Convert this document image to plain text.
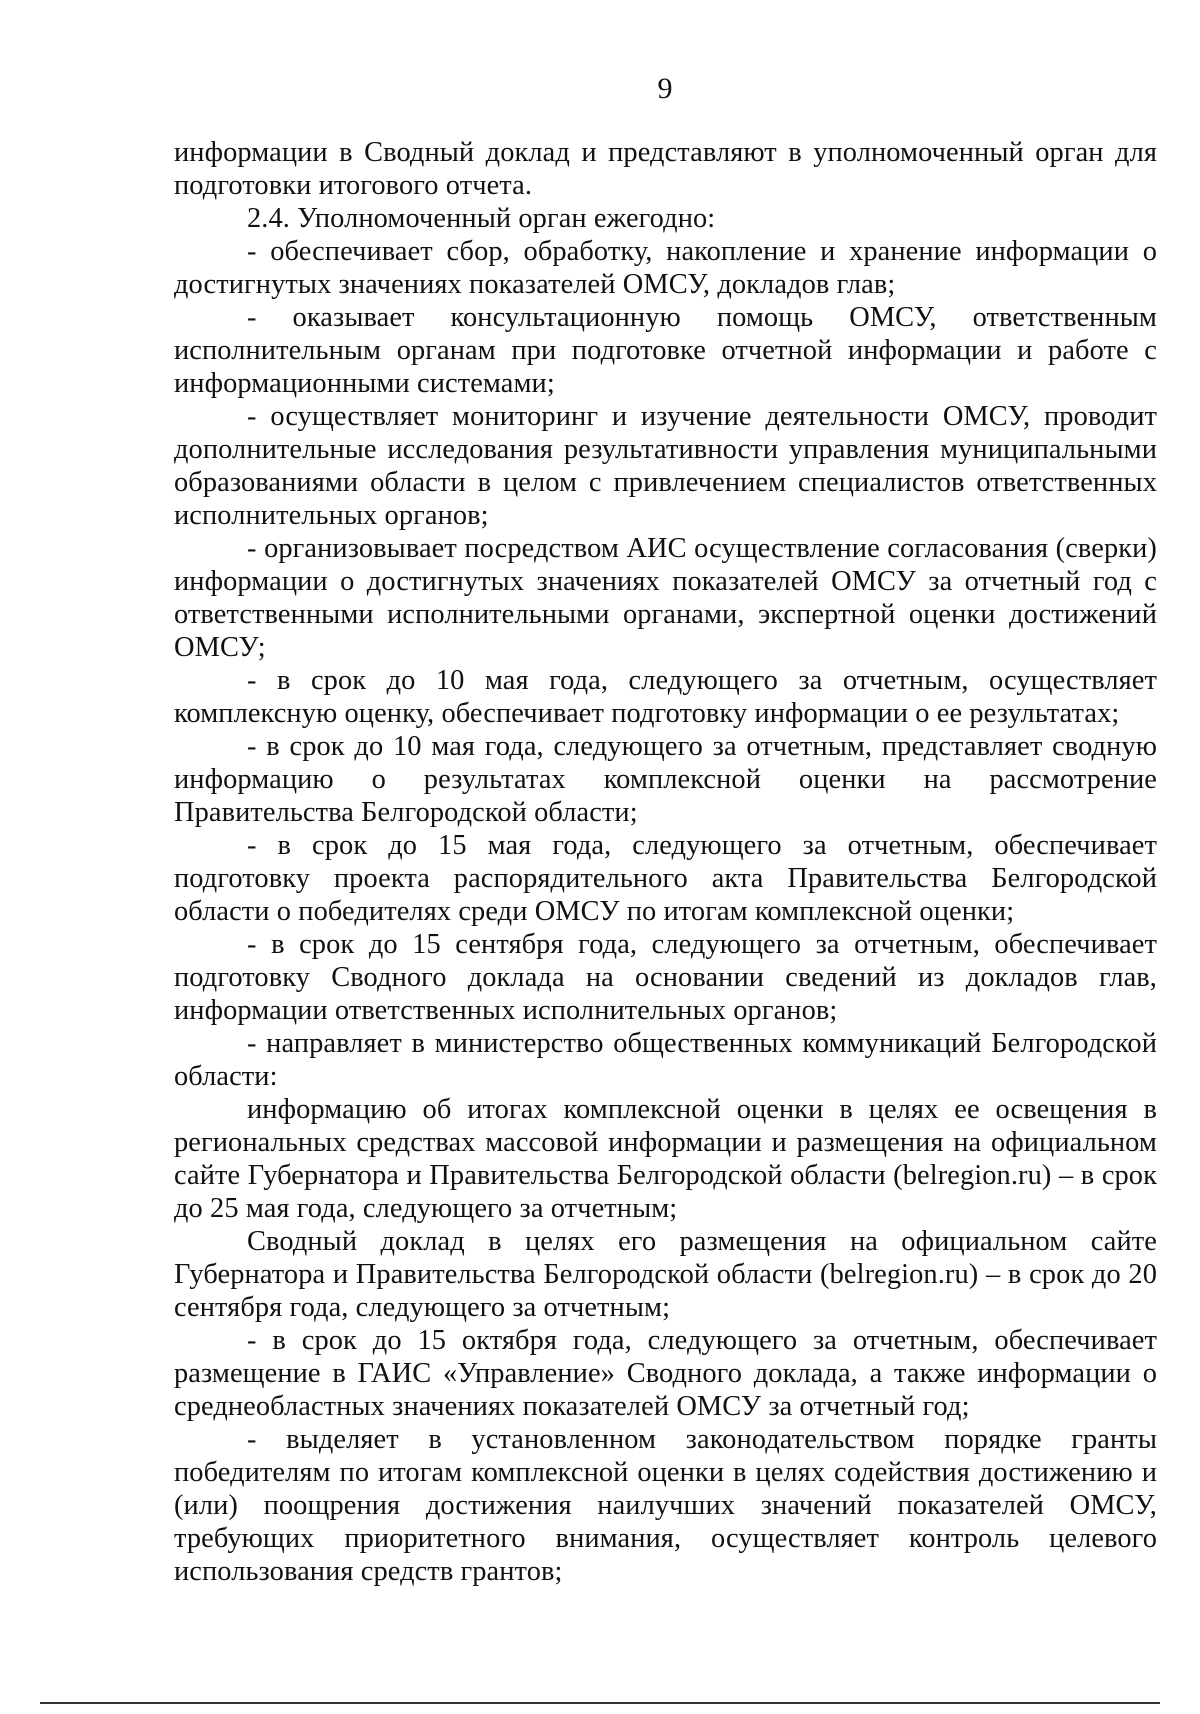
9

информации в Сводный доклад и представляют в уполномоченный орган для подготовки итогового отчета.

2.4. Уполномоченный орган ежегодно:

- обеспечивает сбор, обработку, накопление и хранение информации о достигнутых значениях показателей ОМСУ, докладов глав;

- оказывает консультационную помощь ОМСУ, ответственным исполнительным органам при подготовке отчетной информации и работе с информационными системами;

- осуществляет мониторинг и изучение деятельности ОМСУ, проводит дополнительные исследования результативности управления муниципальными образованиями области в целом с привлечением специалистов ответственных исполнительных органов;

- организовывает посредством АИС осуществление согласования (сверки) информации о достигнутых значениях показателей ОМСУ за отчетный год с ответственными исполнительными органами, экспертной оценки достижений ОМСУ;

- в срок до 10 мая года, следующего за отчетным, осуществляет комплексную оценку, обеспечивает подготовку информации о ее результатах;

- в срок до 10 мая года, следующего за отчетным, представляет сводную информацию о результатах комплексной оценки на рассмотрение Правительства Белгородской области;

- в срок до 15 мая года, следующего за отчетным, обеспечивает подготовку проекта распорядительного акта Правительства Белгородской области о победителях среди ОМСУ по итогам комплексной оценки;

- в срок до 15 сентября года, следующего за отчетным, обеспечивает подготовку Сводного доклада на основании сведений из докладов глав, информации ответственных исполнительных органов;

- направляет в министерство общественных коммуникаций Белгородской области:

информацию об итогах комплексной оценки в целях ее освещения в региональных средствах массовой информации и размещения на официальном сайте Губернатора и Правительства Белгородской области (belregion.ru) – в срок до 25 мая года, следующего за отчетным;

Сводный доклад в целях его размещения на официальном сайте Губернатора и Правительства Белгородской области (belregion.ru) – в срок до 20 сентября года, следующего за отчетным;

- в срок до 15 октября года, следующего за отчетным, обеспечивает размещение в ГАИС «Управление» Сводного доклада, а также информации о среднеобластных значениях показателей ОМСУ за отчетный год;

- выделяет в установленном законодательством порядке гранты победителям по итогам комплексной оценки в целях содействия достижению и (или) поощрения достижения наилучших значений показателей ОМСУ, требующих приоритетного внимания, осуществляет контроль целевого использования средств грантов;
